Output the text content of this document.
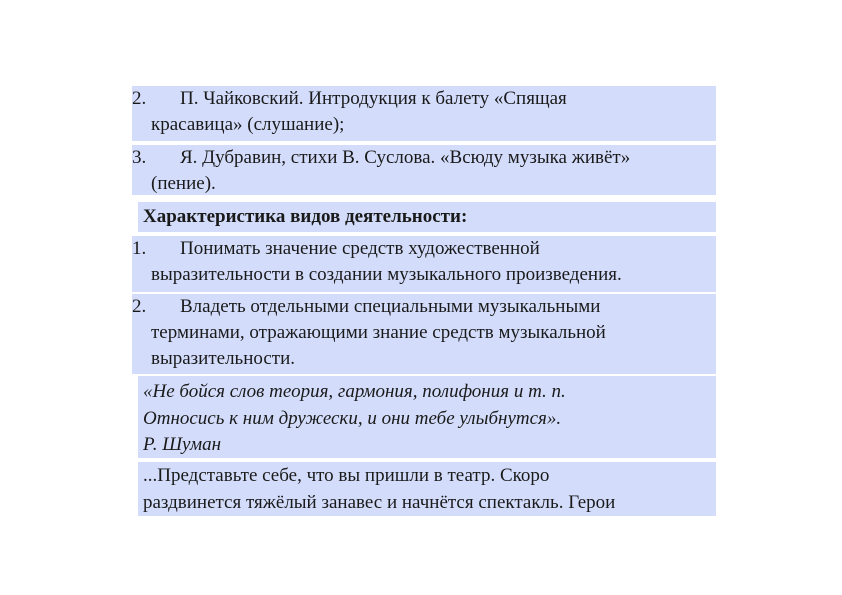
2. П. Чайковский. Интродукция к балету «Спящая
красавица» (слушание);
3. Я. Дубравин, стихи В. Суслова. «Всюду музыка живёт»
(пение).
Характеристика видов деятельности:
1. Понимать значение средств художественной
выразительности в создании музыкального произведения.
2. Владеть отдельными специальными музыкальными
терминами, отражающими знание средств музыкальной
выразительности.
«Не бойся слов теория, гармония, полифония и т. п.
Относись к ним дружески, и они тебе улыбнутся».
Р. Шуман
...Представьте себе, что вы пришли в театр. Скоро
раздвинется тяжёлый занавес и начнётся спектакль. Герои
